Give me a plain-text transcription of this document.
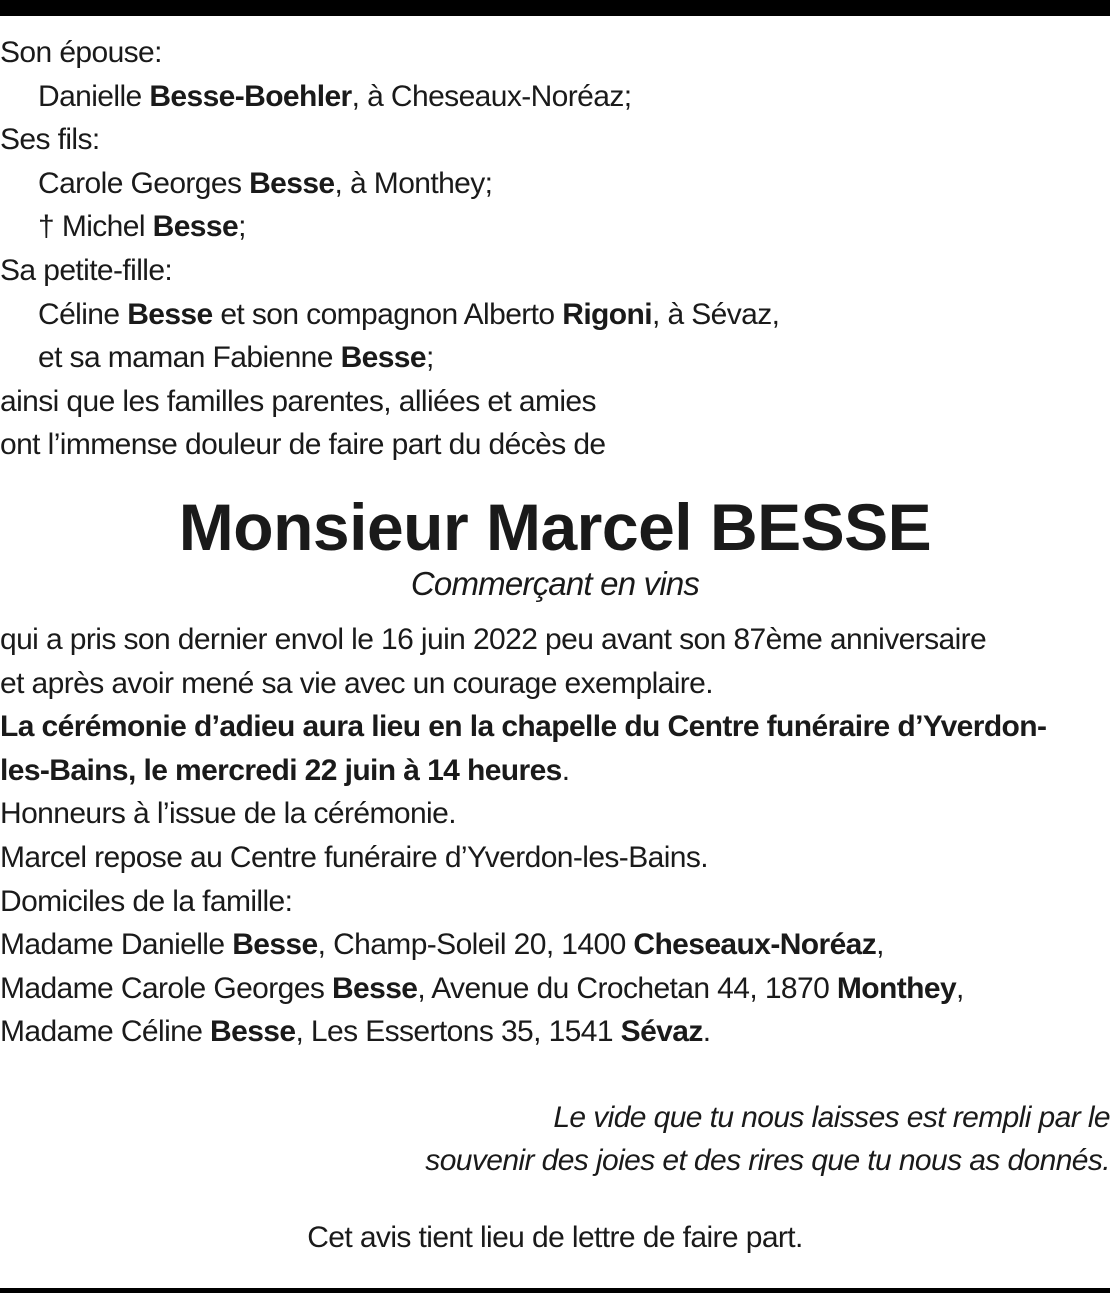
Son épouse:
Danielle Besse-Boehler, à Cheseaux-Noréaz;
Ses fils:
Carole Georges Besse, à Monthey;
† Michel Besse;
Sa petite-fille:
Céline Besse et son compagnon Alberto Rigoni, à Sévaz,
et sa maman Fabienne Besse;
ainsi que les familles parentes, alliées et amies
ont l’immense douleur de faire part du décès de
Monsieur Marcel BESSE
Commerçant en vins
qui a pris son dernier envol le 16 juin 2022 peu avant son 87ème anniversaire
et après avoir mené sa vie avec un courage exemplaire.
La cérémonie d’adieu aura lieu en la chapelle du Centre funéraire d’Yverdon-
les-Bains, le mercredi 22 juin à 14 heures.
Honneurs à l’issue de la cérémonie.
Marcel repose au Centre funéraire d’Yverdon-les-Bains.
Domiciles de la famille:
Madame Danielle Besse, Champ-Soleil 20, 1400 Cheseaux-Noréaz,
Madame Carole Georges Besse, Avenue du Crochetan 44, 1870 Monthey,
Madame Céline Besse, Les Essertons 35, 1541 Sévaz.
Le vide que tu nous laisses est rempli par le
souvenir des joies et des rires que tu nous as donnés.
Cet avis tient lieu de lettre de faire part.
